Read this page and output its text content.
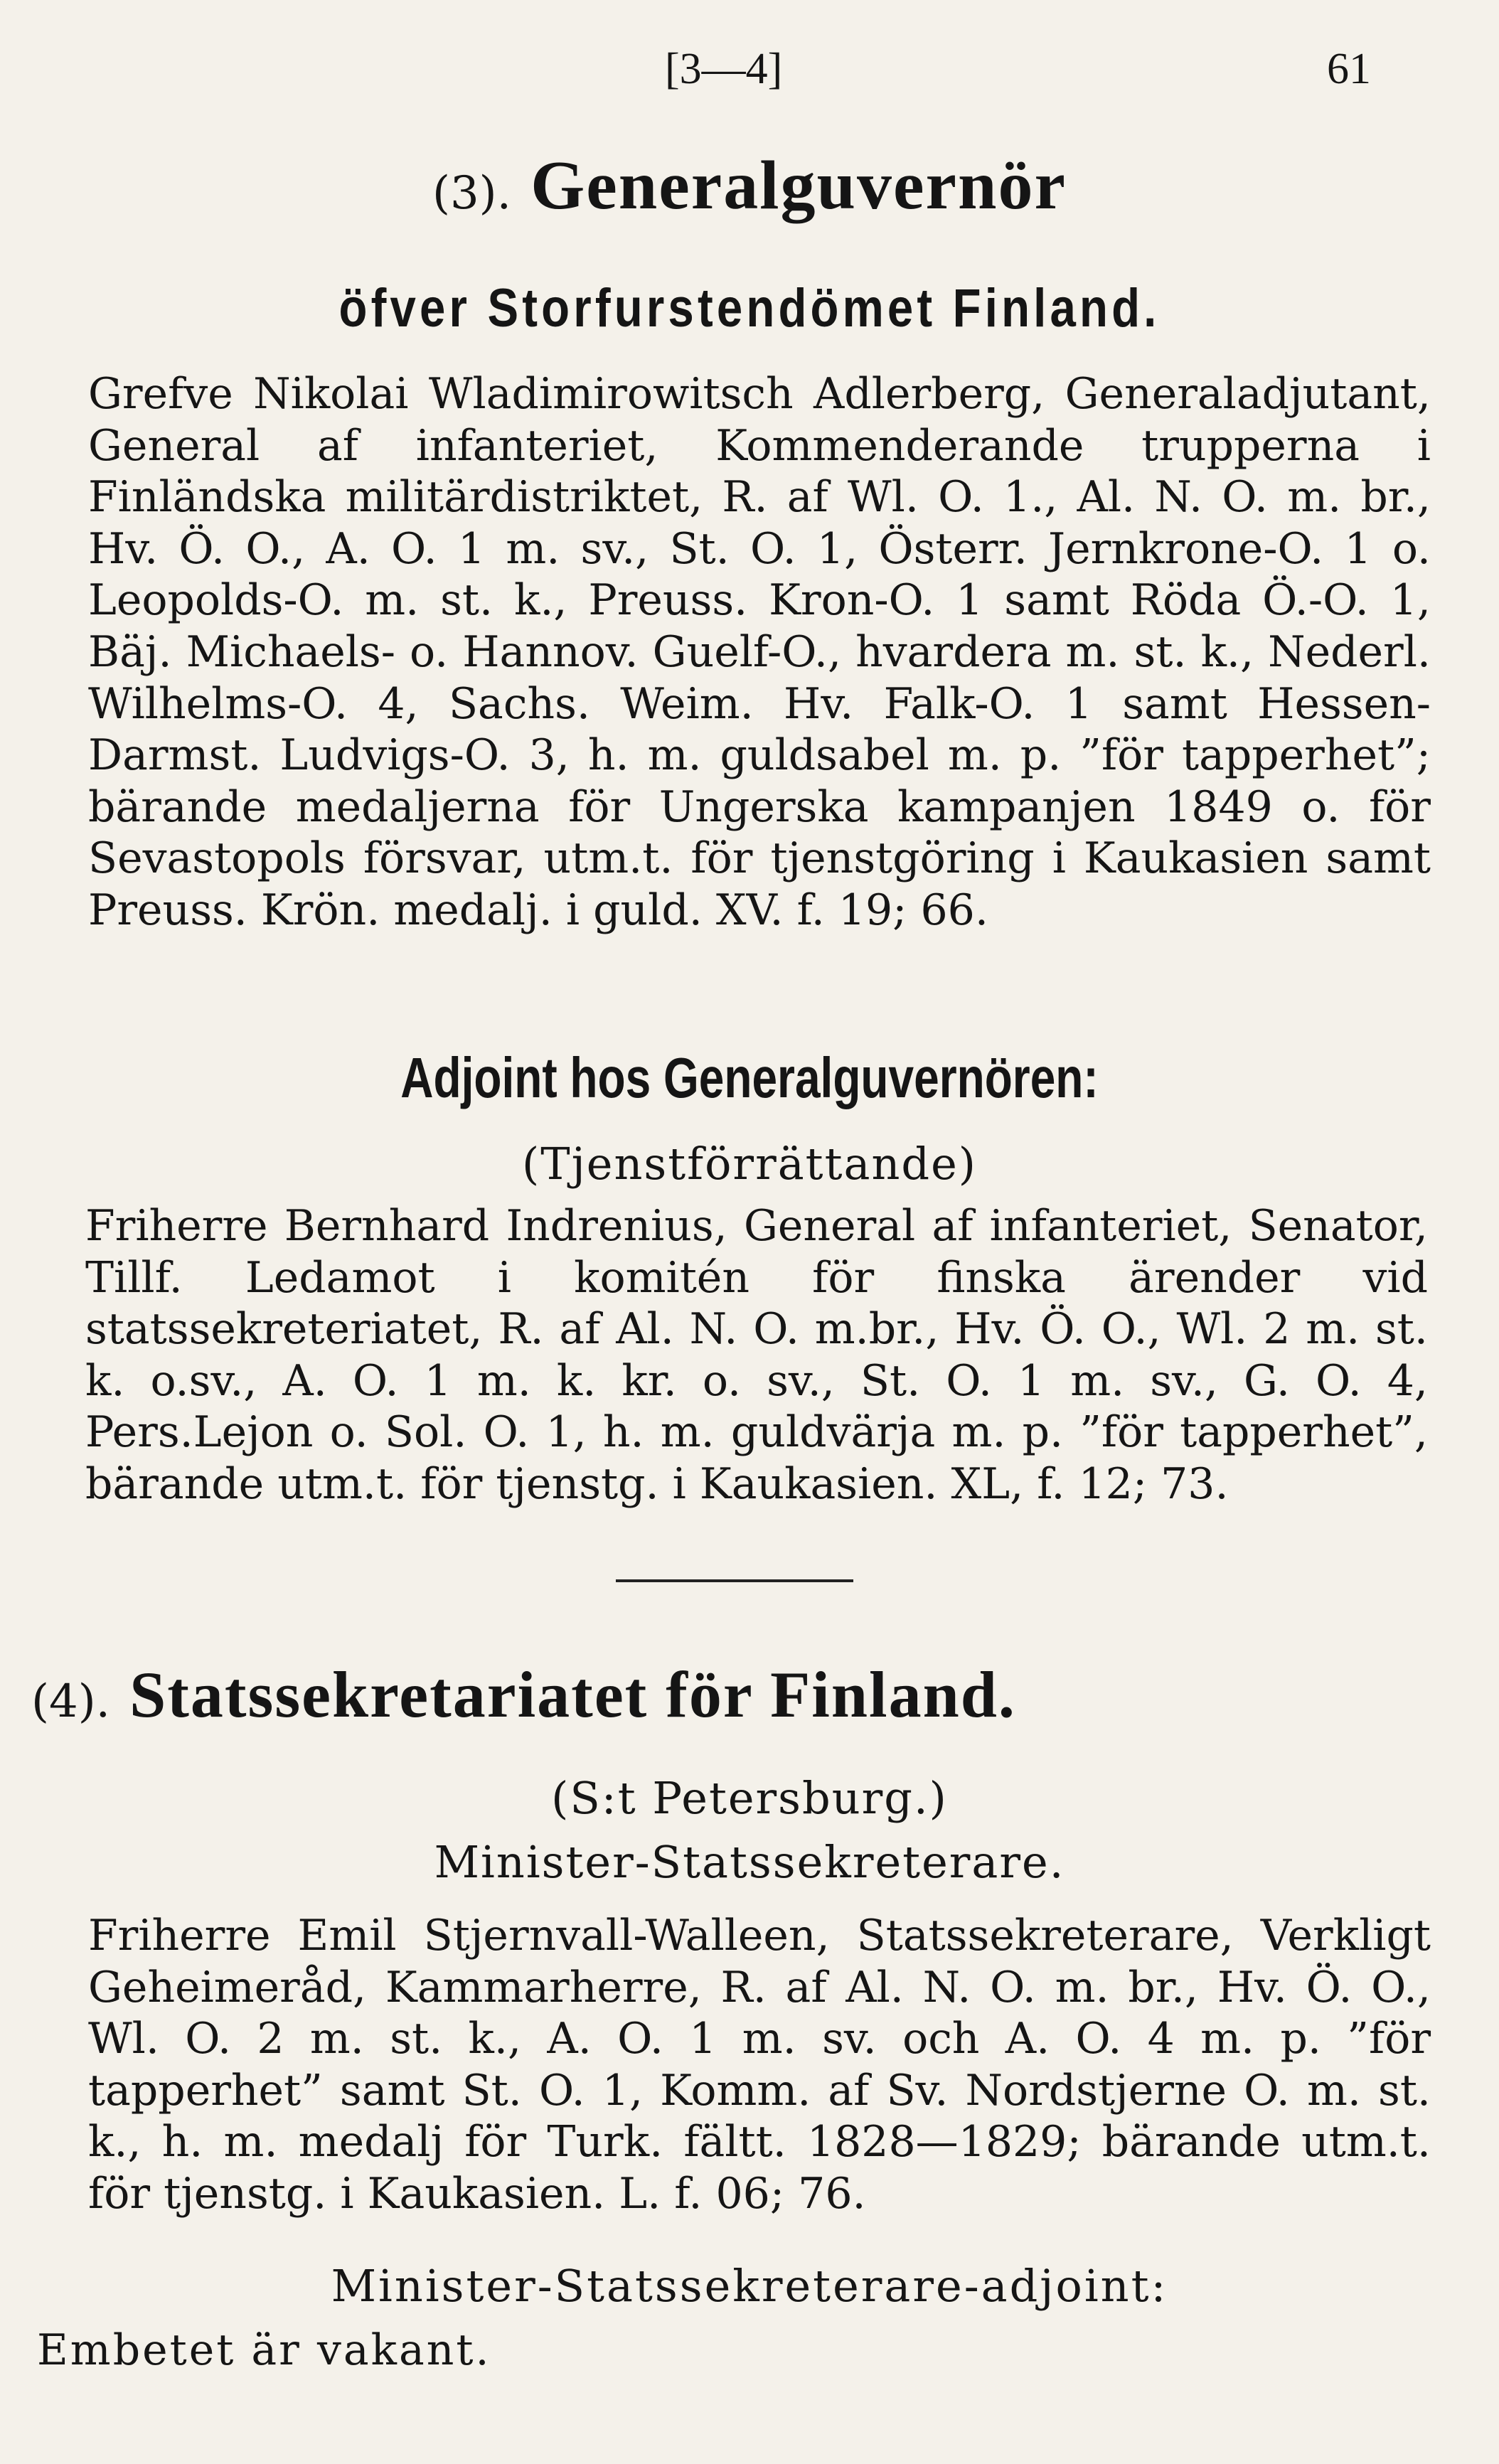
[3—4]	61
(3). Generalguvernör
öfver Storfurstendömet Finland.
Grefve Nikolai Wladimirowitsch Adlerberg, Generaladjutant, General af infanteriet, Kommenderande trupperna i Finländska militärdistriktet, R. af Wl. O. 1., Al. N. O. m. br., Hv. Ö. O., A. O. 1 m. sv., St. O. 1, Österr. Jernkrone-O. 1 o. Leopolds-O. m. st. k., Preuss. Kron-O. 1 samt Röda Ö.-O. 1, Bäj. Michaels- o. Hannov. Guelf-O., hvardera m. st. k., Nederl. Wilhelms-O. 4, Sachs. Weim. Hv. Falk-O. 1 samt Hessen-Darmst. Ludvigs-O. 3, h. m. guldsabel m. p. ”för tapperhet”; bärande medaljerna för Ungerska kampanjen 1849 o. för Sevastopols försvar, utm.t. för tjenstgöring i Kaukasien samt Preuss. Krön. medalj. i guld. XV. f. 19; 66.
Adjoint hos Generalguvernören:
(Tjenstförrättande)
Friherre Bernhard Indrenius, General af infanteriet, Senator, Tillf. Ledamot i komitén för finska ärender vid statssekreteriatet, R. af Al. N. O. m.br., Hv. Ö. O., Wl. 2 m. st. k. o.sv., A. O. 1 m. k. kr. o. sv., St. O. 1 m. sv., G. O. 4, Pers.Lejon o. Sol. O. 1, h. m. guldvärja m. p. ”för tapperhet”, bärande utm.t. för tjenstg. i Kaukasien. XL, f. 12; 73.
(4). Statssekretariatet för Finland.
(S:t Petersburg.)
Minister-Statssekreterare.
Friherre Emil Stjernvall-Walleen, Statssekreterare, Verkligt Geheimeråd, Kammarherre, R. af Al. N. O. m. br., Hv. Ö. O., Wl. O. 2 m. st. k., A. O. 1 m. sv. och A. O. 4 m. p. ”för tapperhet” samt St. O. 1, Komm. af Sv. Nordstjerne O. m. st. k., h. m. medalj för Turk. fältt. 1828—1829; bärande utm.t. för tjenstg. i Kaukasien. L. f. 06; 76.
Minister-Statssekreterare-adjoint:
Embetet är vakant.
